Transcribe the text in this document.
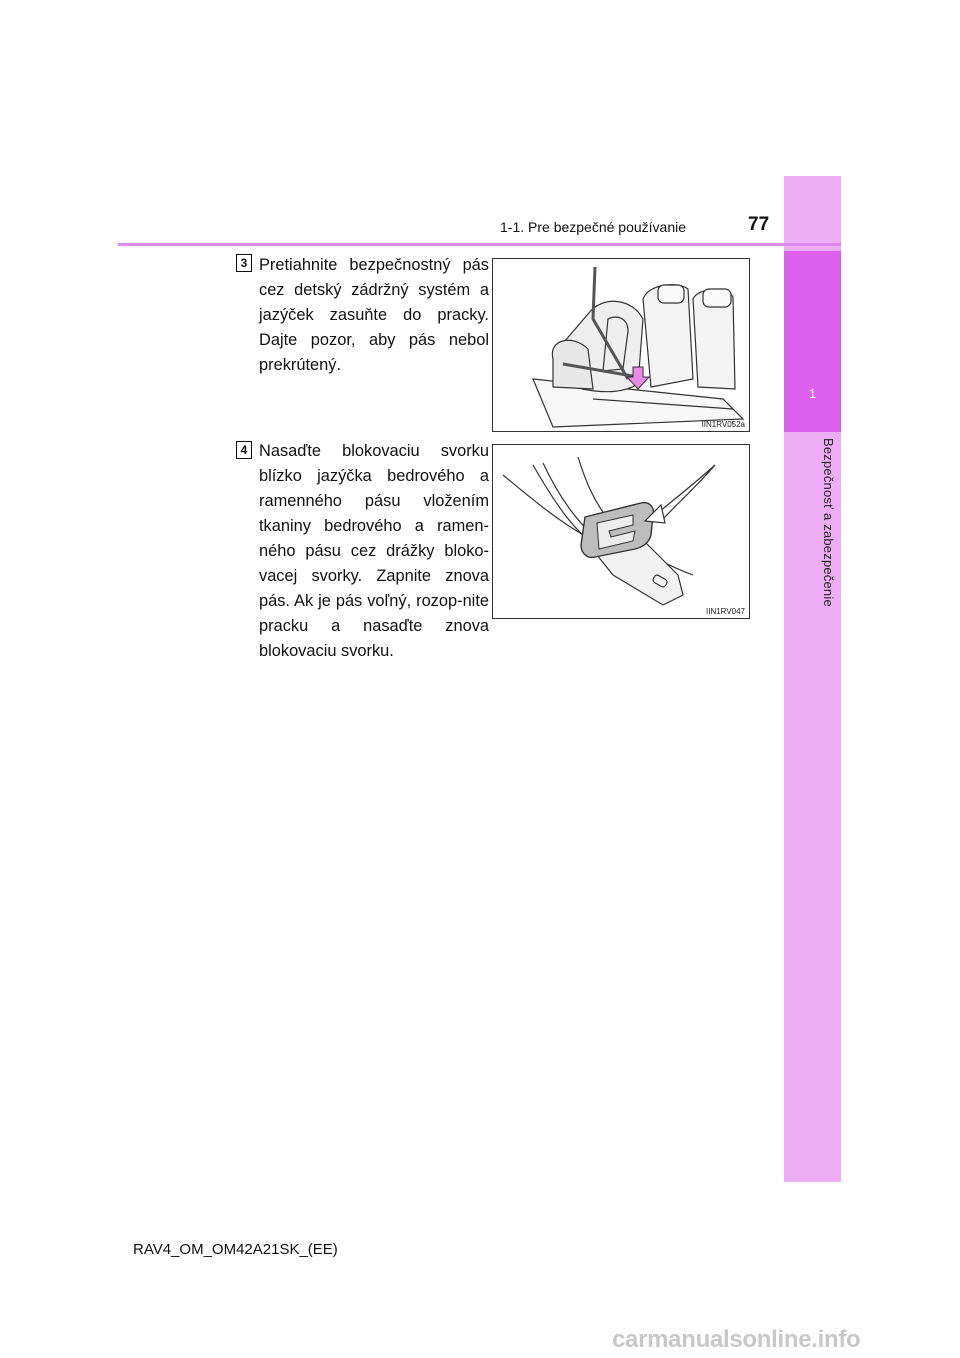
1
Bezpečnosť a zabezpečenie
1-1. Pre bezpečné používanie	77
3 Pretiahnite bezpečnostný pás cez detský zádržný systém a jazýček zasuňte do pracky. Dajte pozor, aby pás nebol prekrútený.

IIN1RV052a
4 Nasaďte blokovaciu svorku blízko jazýčka bedrového a ramenného pásu vložením tkaniny bedrového a ramen-ného pásu cez drážky bloko-vacej svorky. Zapnite znova pás. Ak je pás voľný, rozop-nite pracku a nasaďte znova blokovaciu svorku.

IIN1RV047
RAV4_OM_OM42A21SK_(EE)
carmanualsonline.info
